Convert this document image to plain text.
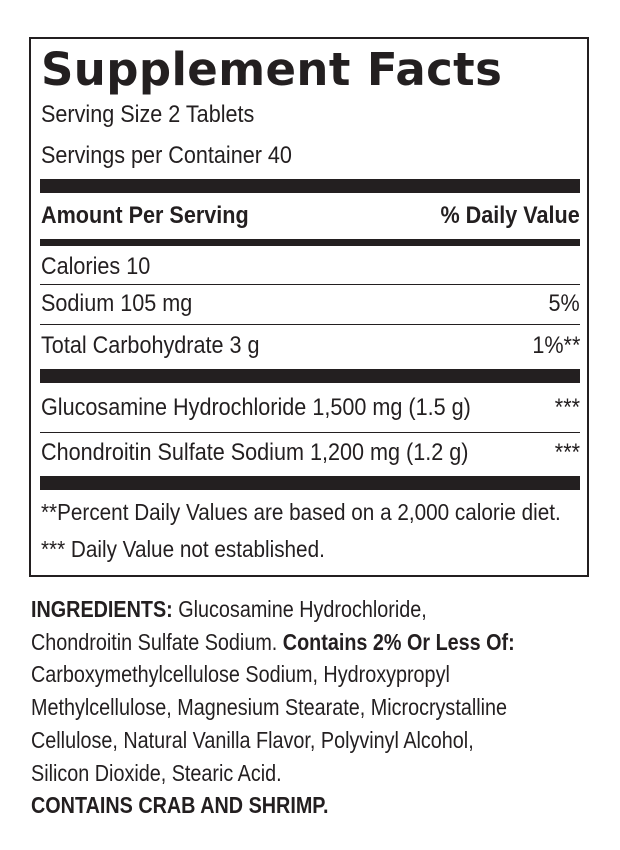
Supplement Facts
Serving Size 2 Tablets
Servings per Container 40
Amount Per Serving	% Daily Value
Calories 10
Sodium 105 mg	5%
Total Carbohydrate 3 g	1%**
Glucosamine Hydrochloride 1,500 mg (1.5 g)	***
Chondroitin Sulfate Sodium 1,200 mg (1.2 g)	***
**Percent Daily Values are based on a 2,000 calorie diet.
*** Daily Value not established.
INGREDIENTS: Glucosamine Hydrochloride,
Chondroitin Sulfate Sodium. Contains 2% Or Less Of:
Carboxymethylcellulose Sodium, Hydroxypropyl
Methylcellulose, Magnesium Stearate, Microcrystalline
Cellulose, Natural Vanilla Flavor, Polyvinyl Alcohol,
Silicon Dioxide, Stearic Acid.
CONTAINS CRAB AND SHRIMP.
